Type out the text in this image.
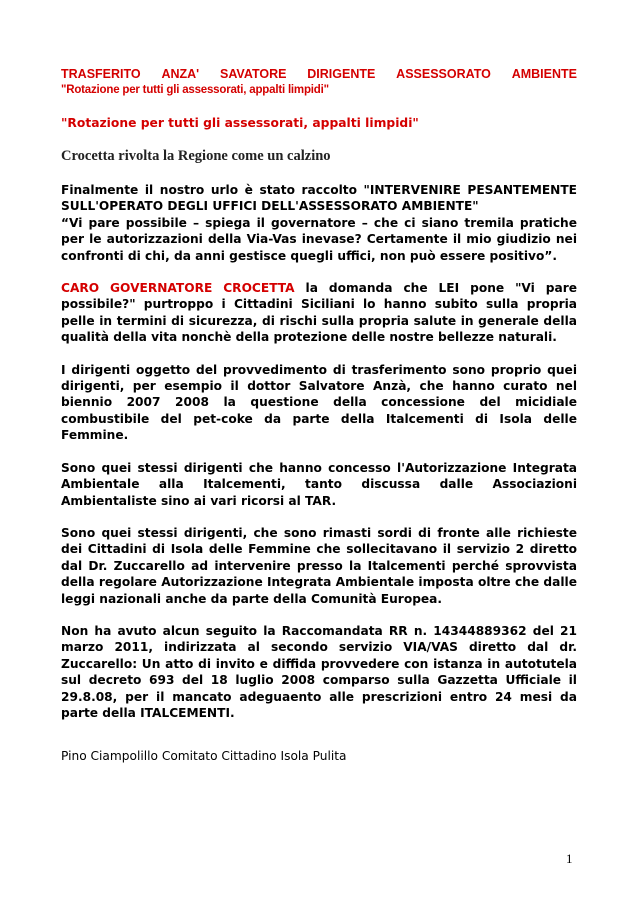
TRASFERITO ANZA' SAVATORE DIRIGENTE ASSESSORATO AMBIENTE
"Rotazione per tutti gli assessorati, appalti limpidi"
"Rotazione per tutti gli assessorati, appalti limpidi"
Crocetta rivolta la Regione come un calzino
Finalmente il nostro urlo è stato raccolto "INTERVENIRE PESANTEMENTE SULL'OPERATO DEGLI UFFICI DELL'ASSESSORATO AMBIENTE"
“Vi pare possibile – spiega il governatore – che ci siano tremila pratiche per le autorizzazioni della Via-Vas inevase? Certamente il mio giudizio nei confronti di chi, da anni gestisce quegli uffici, non può essere positivo”.
CARO GOVERNATORE CROCETTA la domanda che LEI pone "Vi pare possibile?" purtroppo i Cittadini Siciliani lo hanno subito sulla propria pelle in termini di sicurezza, di rischi sulla propria salute in generale della qualità della vita nonchè della protezione delle nostre bellezze naturali.
I dirigenti oggetto del provvedimento di trasferimento sono proprio quei dirigenti, per esempio il dottor Salvatore Anzà, che hanno curato nel biennio 2007 2008 la questione della concessione del micidiale combustibile del pet-coke da parte della Italcementi di Isola delle Femmine.
Sono quei stessi dirigenti che hanno concesso l'Autorizzazione Integrata Ambientale alla Italcementi, tanto discussa dalle Associazioni Ambientaliste sino ai vari ricorsi al TAR.
Sono quei stessi dirigenti, che sono rimasti sordi di fronte alle richieste dei Cittadini di Isola delle Femmine che sollecitavano il servizio 2 diretto dal Dr. Zuccarello ad intervenire presso la Italcementi perché sprovvista della regolare Autorizzazione Integrata Ambientale imposta oltre che dalle leggi nazionali anche da parte della Comunità Europea.
Non ha avuto alcun seguito la Raccomandata RR n. 14344889362 del 21 marzo 2011, indirizzata al secondo servizio VIA/VAS diretto dal dr. Zuccarello: Un atto di invito e diffida provvedere con istanza in autotutela sul decreto 693 del 18 luglio 2008 comparso sulla Gazzetta Ufficiale il 29.8.08, per il mancato adeguaento alle prescrizioni entro 24 mesi da parte della ITALCEMENTI.
Pino Ciampolillo Comitato Cittadino Isola Pulita
1
